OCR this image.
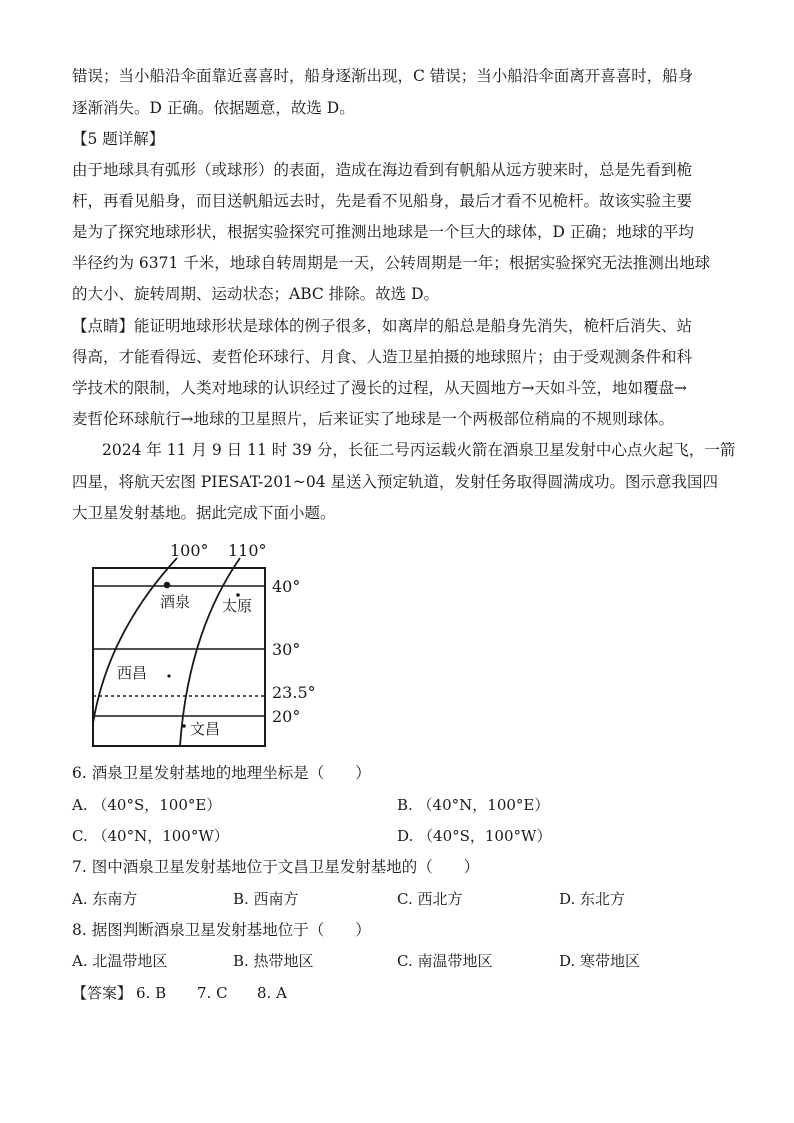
错误；当小船沿伞面靠近喜喜时，船身逐渐出现，C 错误；当小船沿伞面离开喜喜时，船身
逐渐消失。D 正确。依据题意，故选 D。
【5 题详解】
由于地球具有弧形（或球形）的表面，造成在海边看到有帆船从远方驶来时，总是先看到桅
杆，再看见船身，而目送帆船远去时，先是看不见船身，最后才看不见桅杆。故该实验主要
是为了探究地球形状，根据实验探究可推测出地球是一个巨大的球体，D 正确；地球的平均
半径约为 6371 千米，地球自转周期是一天，公转周期是一年；根据实验探究无法推测出地球
的大小、旋转周期、运动状态；ABC 排除。故选 D。
【点睛】能证明地球形状是球体的例子很多，如离岸的船总是船身先消失，桅杆后消失、站
得高，才能看得远、麦哲伦环球行、月食、人造卫星拍摄的地球照片；由于受观测条件和科
学技术的限制，人类对地球的认识经过了漫长的过程，从天圆地方→天如斗笠，地如覆盘→
麦哲伦环球航行→地球的卫星照片，后来证实了地球是一个两极部位稍扁的不规则球体。
2024 年 11 月 9 日 11 时 39 分，长征二号丙运载火箭在酒泉卫星发射中心点火起飞，一箭
四星，将航天宏图 PIESAT-201~04 星送入预定轨道，发射任务取得圆满成功。图示意我国四
大卫星发射基地。据此完成下面小题。
100° 110°
40°
30°
23.5°
20°
酒泉 太原
西昌
文昌
6. 酒泉卫星发射基地的地理坐标是（　　）
A. （40°S，100°E）	B. （40°N，100°E）
C. （40°N，100°W）	D. （40°S，100°W）
7. 图中酒泉卫星发射基地位于文昌卫星发射基地的（　　）
A. 东南方	B. 西南方	C. 西北方	D. 东北方
8. 据图判断酒泉卫星发射基地位于（　　）
A. 北温带地区	B. 热带地区	C. 南温带地区	D. 寒带地区
【答案】 6. B 7. C 8. A
